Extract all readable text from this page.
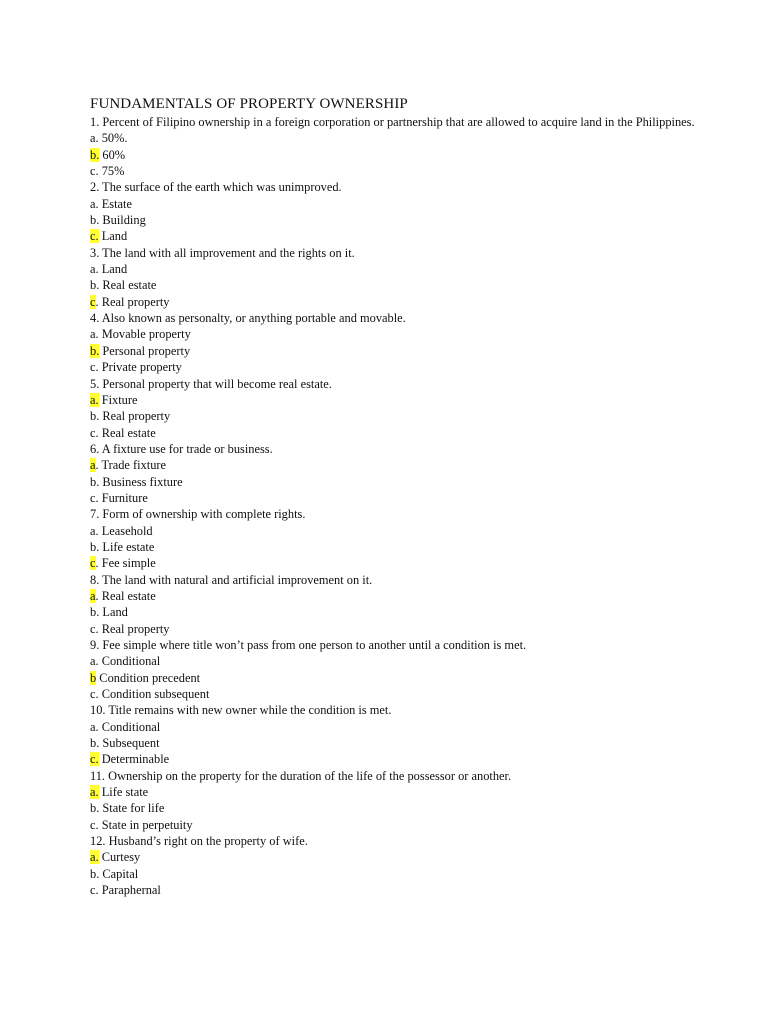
FUNDAMENTALS OF PROPERTY OWNERSHIP
1. Percent of Filipino ownership in a foreign corporation or partnership that are allowed to acquire land in the Philippines.
a. 50%.
b. 60%
c. 75%
2. The surface of the earth which was unimproved.
a. Estate
b. Building
c. Land
3. The land with all improvement and the rights on it.
a. Land
b. Real estate
c. Real property
4. Also known as personalty, or anything portable and movable.
a. Movable property
b. Personal property
c. Private property
5. Personal property that will become real estate.
a. Fixture
b. Real property
c. Real estate
6. A fixture use for trade or business.
a. Trade fixture
b. Business fixture
c. Furniture
7. Form of ownership with complete rights.
a. Leasehold
b. Life estate
c. Fee simple
8. The land with natural and artificial improvement on it.
a. Real estate
b. Land
c. Real property
9. Fee simple where title won’t pass from one person to another until a condition is met.
a. Conditional
b Condition precedent
c. Condition subsequent
10. Title remains with new owner while the condition is met.
a. Conditional
b. Subsequent
c. Determinable
11. Ownership on the property for the duration of the life of the possessor or another.
a. Life state
b. State for life
c. State in perpetuity
12. Husband’s right on the property of wife.
a. Curtesy
b. Capital
c. Paraphernal
